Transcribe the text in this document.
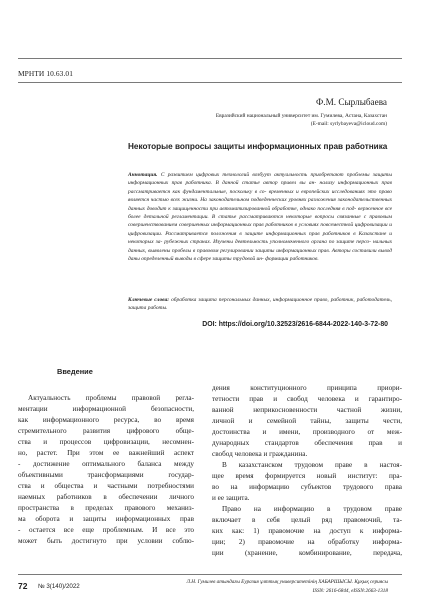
МРНТИ 10.63.01
Ф.М. Сырлыбаева
Евразийский национальный университет им. Гумилева, Астана, Казахстан
(E-mail: syrlybayeva@icloud.com)
Некоторые вопросы защиты информационных прав работника
Аннотация. С развитием цифровых технологий возбуут актуальность приобретают проблемы защиты информационных прав работника. В данной статье автор привел вы ан- нализу информационных прав рассматривается как фундаментальные, поскольку в со- временных и европейских исследованиях это право является частью всех жизни. На законодательном подведенческих уровнях разложения законодательственных данных доводит к защищенности при автоматизированной обработке, однако последняя в под- верженное все более детальной регламентации. В статье рассматриваются некоторые вопросы связанные с правовым совершенствованием совершенных информационных прав работников в условиях повсеместной цифровизации и цифровизации. Рассматривается положения в защите информационных прав работников в Казахстане и некоторых за- рубежных странах. Изучены деятельность уполномоченного органа по защите персо- нальных данных, выявлены пробелы в правовом регулировании защиты информационных прав. Авторы составили вывод даны определенный выводы в сфере защиты трудовой ин- формации работников.
Ключевые слова: обработка защита персональных данных, информационное право, работник, работодатель, защита работы.
DOI: https://doi.org/10.32523/2616-6844-2022-140-3-72-80
Введение
Актуальность проблемы правовой регла-
ментации информационной безопасности,
как информационного ресурса, во время
стремительного развития цифрового обще-
ства и процессов цифровизации, несомнен-
но, растет. При этом ее важнейший аспект
- достижение оптимального баланса между
объективными трансформациями государ-
ства и общества и частными потребностями
наемных работников в обеспечении личного
пространства в пределах правового механиз-
ма оборота и защиты информационных прав
- остается все еще проблемным. И все это
может быть достигнуто при условии соблю-
дения конституционного принципа приори-
тетности прав и свобод человека и гарантиро-
ванной неприкосновенности частной жизни,
личной и семейной тайны, защиты чести,
достоинства и имени, производного от меж-
дународных стандартов обеспечения прав и
свобод человека и гражданина.
В казахстанском трудовом праве в настоя-
щее время формируется новый институт: пра-
во на информацию субъектов трудового права
и ее защита.
Право на информацию в трудовом праве
включает в себя целый ряд правомочий, та-
ких как: 1) правомочие на доступ к информа-
ции; 2) правомочие на обработку информа-
ции (хранение, комбинирование, передача,
72 № 3(140)/2022
Л.Н. Гумилев атындағы Еуразия ұлттық университетінің ХАБАРШЫСЫ. Құқық сериясы
ISSN: 2616-6844, eISSN:2663-1318
